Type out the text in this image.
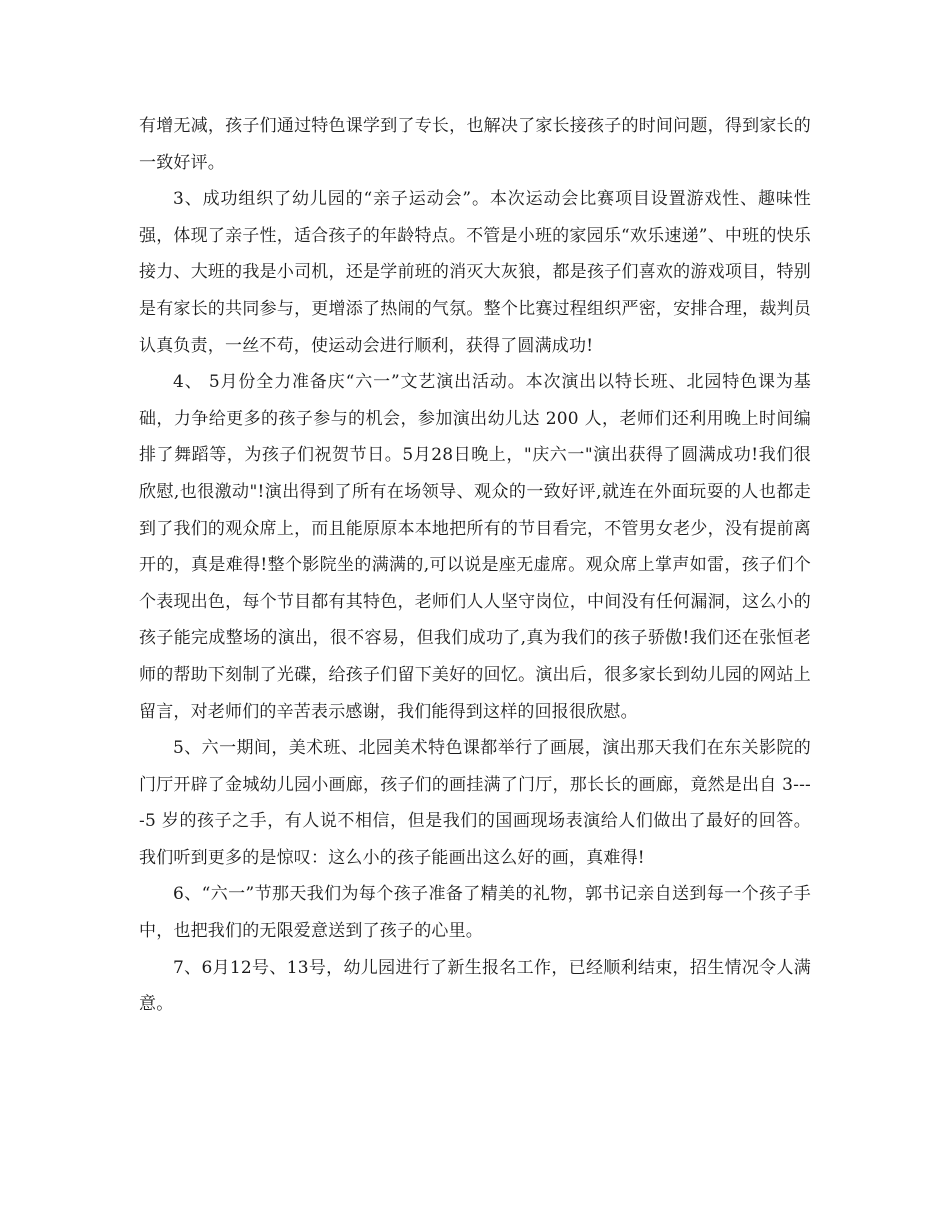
有增无减，孩子们通过特色课学到了专长，也解决了家长接孩子的时间问题，得到家长的一致好评。

3、成功组织了幼儿园的“亲子运动会”。本次运动会比赛项目设置游戏性、趣味性强，体现了亲子性，适合孩子的年龄特点。不管是小班的家园乐“欢乐速递”、中班的快乐接力、大班的我是小司机，还是学前班的消灭大灰狼，都是孩子们喜欢的游戏项目，特别是有家长的共同参与，更增添了热闹的气氛。整个比赛过程组织严密，安排合理，裁判员认真负责，一丝不苟，使运动会进行顺利，获得了圆满成功!

4、 5月份全力准备庆“六一”文艺演出活动。本次演出以特长班、北园特色课为基础，力争给更多的孩子参与的机会，参加演出幼儿达 200 人，老师们还利用晚上时间编排了舞蹈等，为孩子们祝贺节日。5月28日晚上，"庆六一"演出获得了圆满成功!我们很欣慰,也很激动"!演出得到了所有在场领导、观众的一致好评,就连在外面玩耍的人也都走到了我们的观众席上，而且能原原本本地把所有的节目看完，不管男女老少，没有提前离开的，真是难得!整个影院坐的满满的,可以说是座无虚席。观众席上掌声如雷，孩子们个个表现出色，每个节目都有其特色，老师们人人坚守岗位，中间没有任何漏洞，这么小的孩子能完成整场的演出，很不容易，但我们成功了,真为我们的孩子骄傲!我们还在张恒老师的帮助下刻制了光碟，给孩子们留下美好的回忆。演出后，很多家长到幼儿园的网站上留言，对老师们的辛苦表示感谢，我们能得到这样的回报很欣慰。

5、六一期间，美术班、北园美术特色课都举行了画展，演出那天我们在东关影院的门厅开辟了金城幼儿园小画廊，孩子们的画挂满了门厅，那长长的画廊，竟然是出自 3----5 岁的孩子之手，有人说不相信，但是我们的国画现场表演给人们做出了最好的回答。我们听到更多的是惊叹：这么小的孩子能画出这么好的画，真难得!

6、“六一”节那天我们为每个孩子准备了精美的礼物，郭书记亲自送到每一个孩子手中，也把我们的无限爱意送到了孩子的心里。

7、6月12号、13号，幼儿园进行了新生报名工作，已经顺利结束，招生情况令人满意。
